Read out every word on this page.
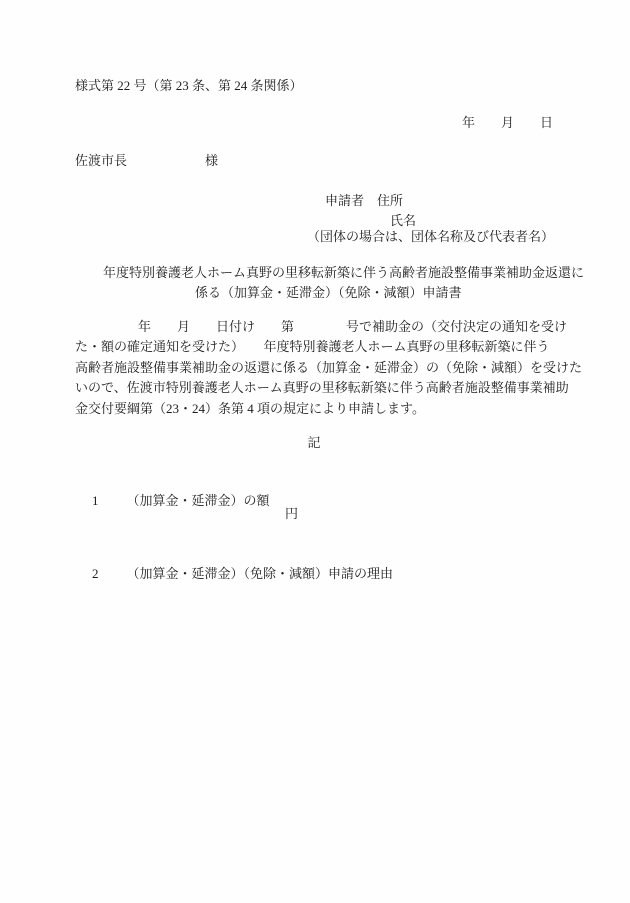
様式第 22 号（第 23 条、第 24 条関係）
年　　月　　日
佐渡市長　　　　　　様
申請者　住所
氏名
（団体の場合は、団体名称及び代表者名）
年度特別養護老人ホーム真野の里移転新築に伴う高齢者施設整備事業補助金返還に
係る（加算金・延滞金）（免除・減額）申請書
年　　月　　日付け　　第　　　　号で補助金の（交付決定の通知を受け
た・額の確定通知を受けた）　　年度特別養護老人ホーム真野の里移転新築に伴う
高齢者施設整備事業補助金の返還に係る（加算金・延滞金）の（免除・減額）を受けた
いので、佐渡市特別養護老人ホーム真野の里移転新築に伴う高齢者施設整備事業補助
金交付要綱第（23・24）条第 4 項の規定により申請します。
記

1 （加算金・延滞金）の額

円

2 （加算金・延滞金）（免除・減額）申請の理由
